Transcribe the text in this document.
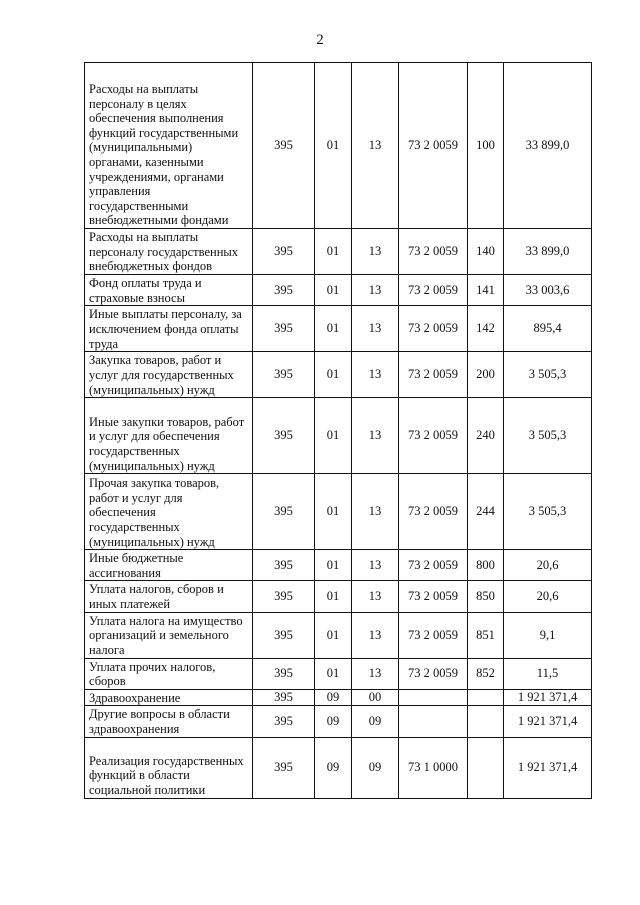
2
Расходы на выплаты персоналу в целях обеспечения выполнения функций государственными (муниципальными) органами, казенными учреждениями, органами управления государственными внебюджетными фондами	395	01	13	73 2 0059	100	33 899,0
Расходы на выплаты персоналу государственных внебюджетных фондов	395	01	13	73 2 0059	140	33 899,0
Фонд оплаты труда и страховые взносы	395	01	13	73 2 0059	141	33 003,6
Иные выплаты персоналу, за исключением фонда оплаты труда	395	01	13	73 2 0059	142	895,4
Закупка товаров, работ и услуг для государственных (муниципальных) нужд	395	01	13	73 2 0059	200	3 505,3
Иные закупки товаров, работ и услуг для обеспечения государственных (муниципальных) нужд	395	01	13	73 2 0059	240	3 505,3
Прочая закупка товаров, работ и услуг для обеспечения государственных (муниципальных) нужд	395	01	13	73 2 0059	244	3 505,3
Иные бюджетные ассигнования	395	01	13	73 2 0059	800	20,6
Уплата налогов, сборов и иных платежей	395	01	13	73 2 0059	850	20,6
Уплата налога на имущество организаций и земельного налога	395	01	13	73 2 0059	851	9,1
Уплата прочих налогов, сборов	395	01	13	73 2 0059	852	11,5
Здравоохранение	395	09	00			1 921 371,4
Другие вопросы в области здравоохранения	395	09	09			1 921 371,4
Реализация государственных функций в области социальной политики	395	09	09	73 1 0000		1 921 371,4
